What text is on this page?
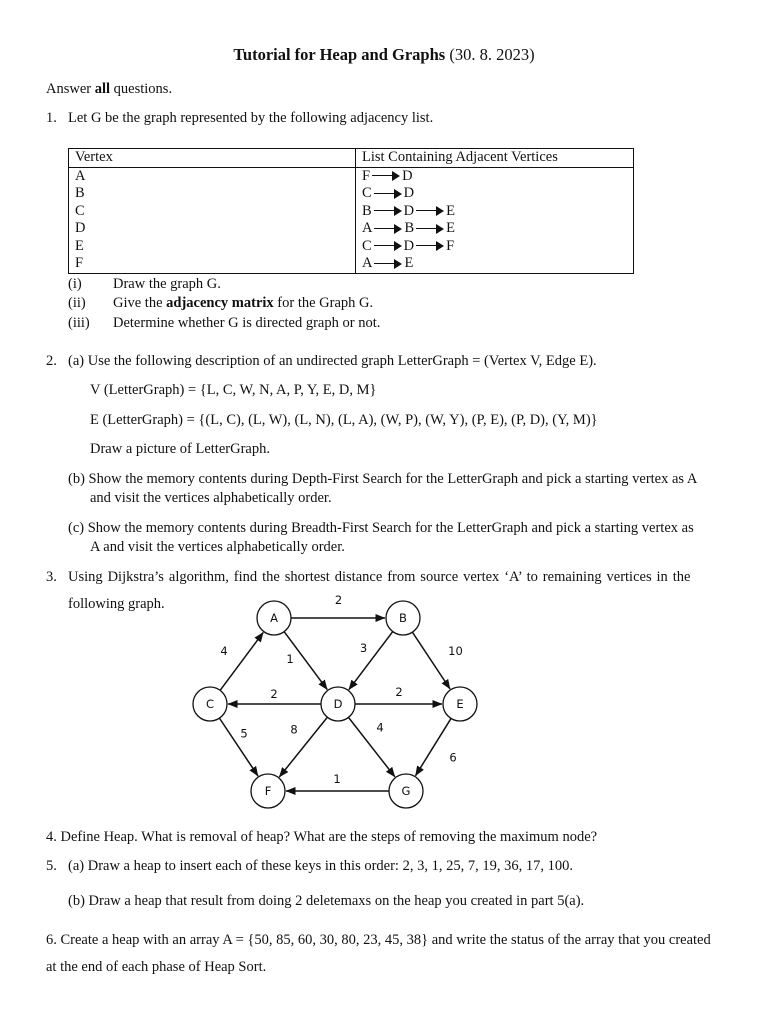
Tutorial for Heap and Graphs (30. 8. 2023)
Answer all questions.
1. Let G be the graph represented by the following adjacency list.
Vertex	List Containing Adjacent Vertices
A	F D
B	C D
C	B D E
D	A B E
E	C D F
F	A E
(i) Draw the graph G.
(ii) Give the adjacency matrix for the Graph G.
(iii) Determine whether G is directed graph or not.
2. (a) Use the following description of an undirected graph LetterGraph = (Vertex V, Edge E).
V (LetterGraph) = {L, C, W, N, A, P, Y, E, D, M}
E (LetterGraph) = {(L, C), (L, W), (L, N), (L, A), (W, P), (W, Y), (P, E), (P, D), (Y, M)}
Draw a picture of LetterGraph.
(b) Show the memory contents during Depth-First Search for the LetterGraph and pick a starting vertex as A
and visit the vertices alphabetically order.
(c) Show the memory contents during Breadth-First Search for the LetterGraph and pick a starting vertex as
A and visit the vertices alphabetically order.
3. Using Dijkstra’s algorithm, find the shortest distance from source vertex ‘A’ to remaining vertices in the
following graph.	2
1
4	3	10
2	2
5	8	4
6
1
A	B
C	D	E
F	G
4. Define Heap. What is removal of heap? What are the steps of removing the maximum node?
5. (a) Draw a heap to insert each of these keys in this order: 2, 3, 1, 25, 7, 19, 36, 17, 100.
(b) Draw a heap that result from doing 2 deletemaxs on the heap you created in part 5(a).
6. Create a heap with an array A = {50, 85, 60, 30, 80, 23, 45, 38} and write the status of the array that you created
at the end of each phase of Heap Sort.
